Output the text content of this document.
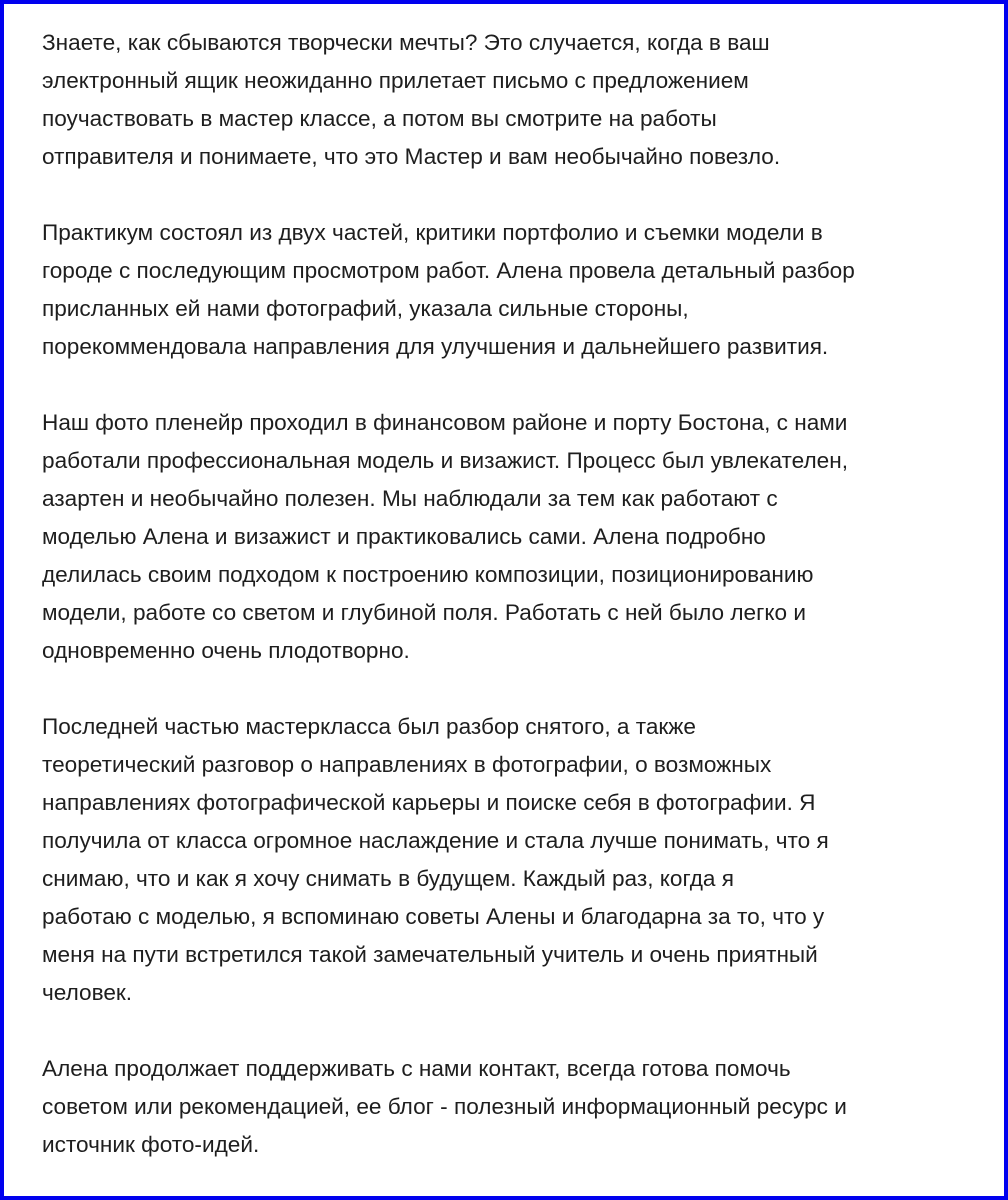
Знаете, как сбываются творчески мечты? Это случается, когда в ваш
электронный ящик неожиданно прилетает письмо с предложением
поучаствовать в мастер классе, а потом вы смотрите на работы
отправителя и понимаете, что это Мастер и вам необычайно повезло.

Практикум состоял из двух частей, критики портфолио и съемки модели в
городе с последующим просмотром работ. Алена провела детальный разбор
присланных ей нами фотографий, указала сильные стороны,
порекоммендовала направления для улучшения и дальнейшего развития.

Наш фото пленейр проходил в финансовом районе и порту Бостона, с нами
работали профессиональная модель и визажист. Процесс был увлекателен,
азартен и необычайно полезен. Мы наблюдали за тем как работают с
моделью Алена и визажист и практиковались сами. Алена подробно
делилась своим подходом к построению композиции, позиционированию
модели, работе со светом и глубиной поля. Работать с ней было легко и
одновременно очень плодотворно.

Последней частью мастеркласса был разбор снятого, а также
теоретический разговор о направлениях в фотографии, о возможных
направлениях фотографической карьеры и поиске себя в фотографии. Я
получила от класса огромное наслаждение и стала лучше понимать, что я
снимаю, что и как я хочу снимать в будущем. Каждый раз, когда я
работаю с моделью, я вспоминаю советы Алены и благодарна за то, что у
меня на пути встретился такой замечательный учитель и очень приятный
человек.

Алена продолжает поддерживать с нами контакт, всегда готова помочь
советом или рекомендацией, ее блог - полезный информационный ресурс и
источник фото-идей.
